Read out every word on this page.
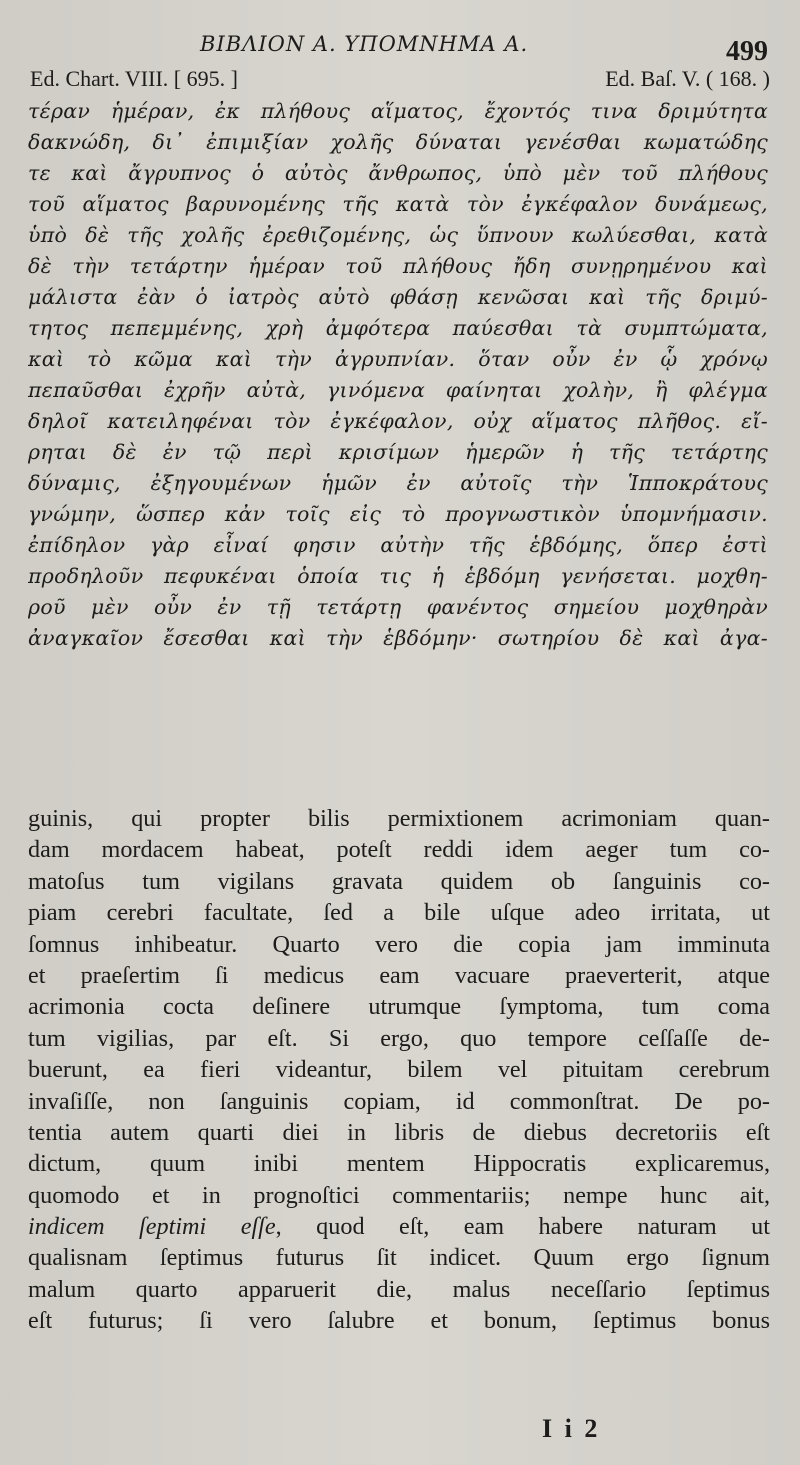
ΒΙΒΛΙΟΝ Α. ΥΠΟΜΝΗΜΑ Α.	499
Ed. Chart. VIII. [ 695. ]	Ed. Baſ. V. ( 168. )
τέραν ἡμέραν, ἐκ πλήθους αἵματος, ἔχοντός τινα δριμύτητα
δακνώδη, δι᾽ ἐπιμιξίαν χολῆς δύναται γενέσθαι κωματώδης
τε καὶ ἄγρυπνος ὁ αὐτὸς ἄνθρωπος, ὑπὸ μὲν τοῦ πλήθους
τοῦ αἵματος βαρυνομένης τῆς κατὰ τὸν ἐγκέφαλον δυνάμεως,
ὑπὸ δὲ τῆς χολῆς ἐρεθιζομένης, ὡς ὕπνουν κωλύεσθαι, κατὰ
δὲ τὴν τετάρτην ἡμέραν τοῦ πλήθους ἤδη συνῃρημένου καὶ
μάλιστα ἐὰν ὁ ἰατρὸς αὐτὸ φθάσῃ κενῶσαι καὶ τῆς δριμύ-
τητος πεπεμμένης, χρὴ ἀμφότερα παύεσθαι τὰ συμπτώματα,
καὶ τὸ κῶμα καὶ τὴν ἀγρυπνίαν. ὅταν οὖν ἐν ᾧ χρόνῳ
πεπαῦσθαι ἐχρῆν αὐτὰ, γινόμενα φαίνηται χολὴν, ἢ φλέγμα
δηλοῖ κατειληφέναι τὸν ἐγκέφαλον, οὐχ αἵματος πλῆθος. εἴ-
ρηται δὲ ἐν τῷ περὶ κρισίμων ἡμερῶν ἡ τῆς τετάρτης
δύναμις, ἐξηγουμένων ἡμῶν ἐν αὐτοῖς τὴν Ἱπποκράτους
γνώμην, ὥσπερ κἀν τοῖς εἰς τὸ προγνωστικὸν ὑπομνήμασιν.
ἐπίδηλον γὰρ εἶναί φησιν αὐτὴν τῆς ἑβδόμης, ὅπερ ἐστὶ
προδηλοῦν πεφυκέναι ὁποία τις ἡ ἑβδόμη γενήσεται. μοχθη-
ροῦ μὲν οὖν ἐν τῇ τετάρτῃ φανέντος σημείου μοχθηρὰν
ἀναγκαῖον ἔσεσθαι καὶ τὴν ἑβδόμην· σωτηρίου δὲ καὶ ἀγα-
guinis, qui propter bilis permixtionem acrimoniam quan-
dam mordacem habeat, poteſt reddi idem aeger tum co-
matoſus tum vigilans gravata quidem ob ſanguinis co-
piam cerebri facultate, ſed a bile uſque adeo irritata, ut
ſomnus inhibeatur. Quarto vero die copia jam imminuta
et praeſertim ſi medicus eam vacuare praeverterit, atque
acrimonia cocta deſinere utrumque ſymptoma, tum coma
tum vigilias, par eſt. Si ergo, quo tempore ceſſaſſe de-
buerunt, ea fieri videantur, bilem vel pituitam cerebrum
invaſiſſe, non ſanguinis copiam, id commonſtrat. De po-
tentia autem quarti diei in libris de diebus decretoriis eſt
dictum, quum inibi mentem Hippocratis explicaremus,
quomodo et in prognoſtici commentariis; nempe hunc ait,
indicem ſeptimi eſſe, quod eſt, eam habere naturam ut
qualisnam ſeptimus futurus ſit indicet. Quum ergo ſignum
malum quarto apparuerit die, malus neceſſario ſeptimus
eſt futurus; ſi vero ſalubre et bonum, ſeptimus bonus
I i 2
